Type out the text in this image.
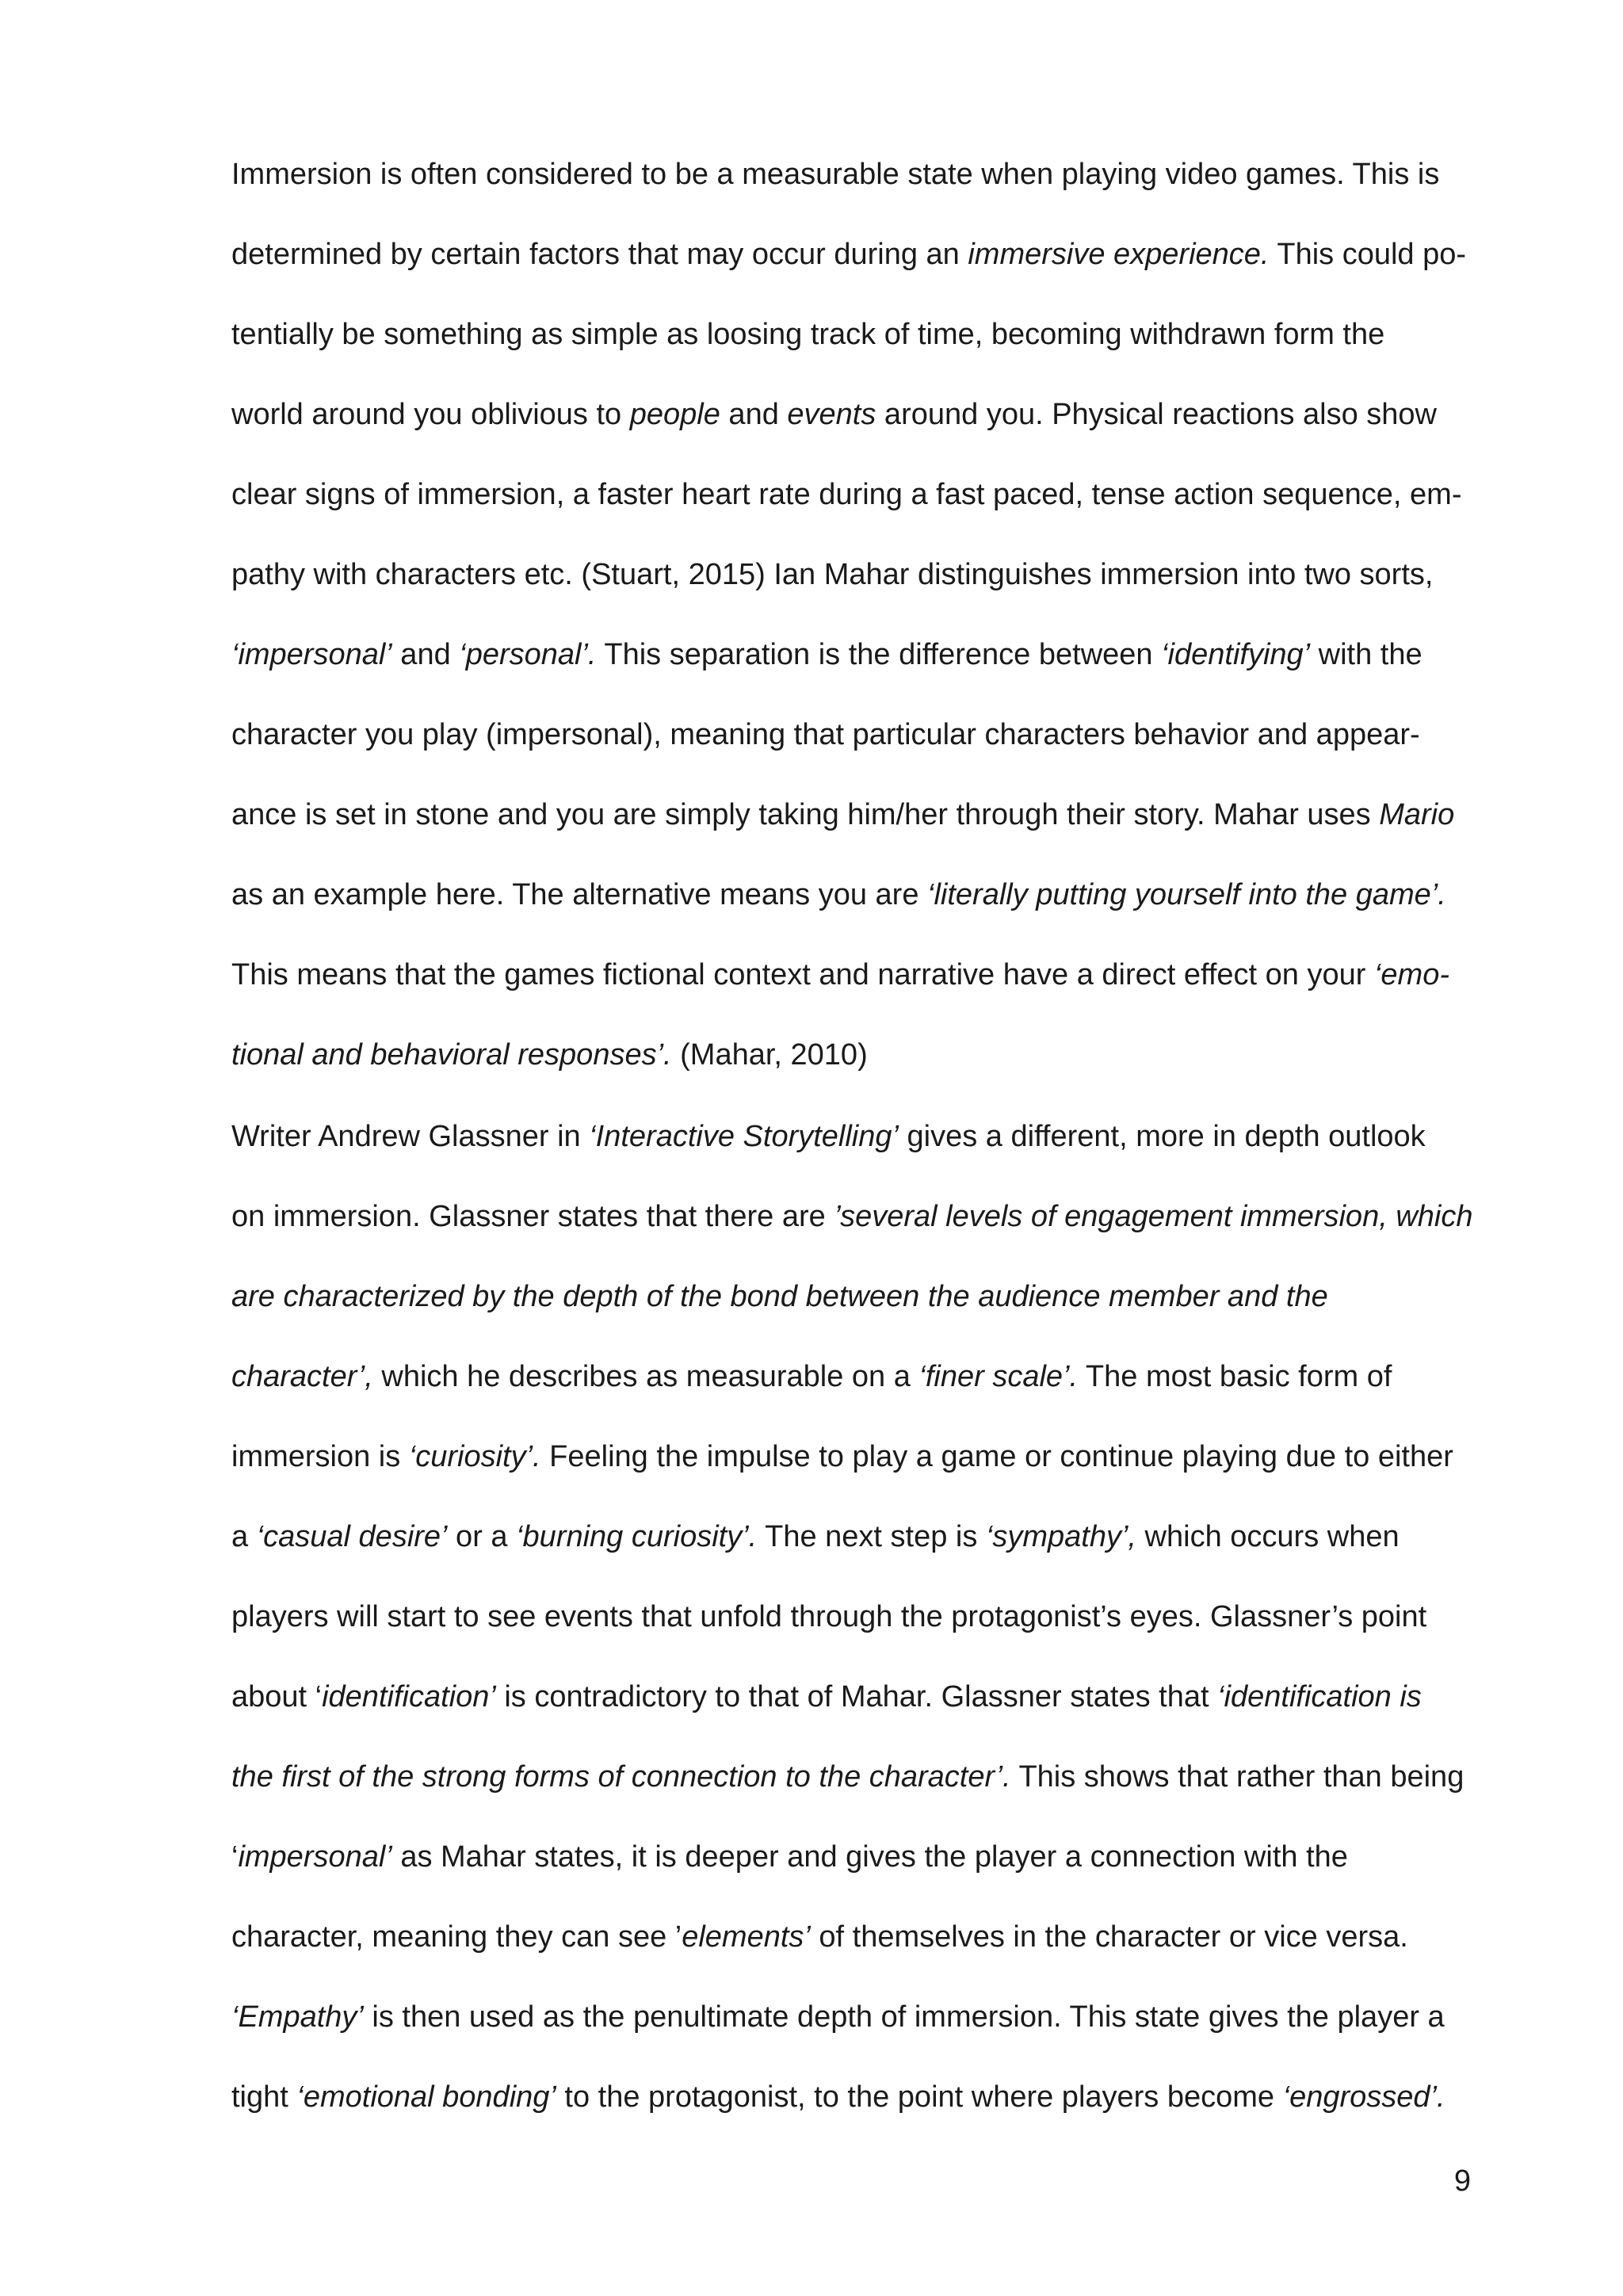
Immersion is often considered to be a measurable state when playing video games. This is
determined by certain factors that may occur during an immersive experience. This could po-
tentially be something as simple as loosing track of time, becoming withdrawn form the
world around you oblivious to people and events around you. Physical reactions also show
clear signs of immersion, a faster heart rate during a fast paced, tense action sequence, em-
pathy with characters etc. (Stuart, 2015) Ian Mahar distinguishes immersion into two sorts,
‘impersonal’ and ‘personal’. This separation is the difference between ‘identifying’ with the
character you play (impersonal), meaning that particular characters behavior and appear-
ance is set in stone and you are simply taking him/her through their story. Mahar uses Mario
as an example here. The alternative means you are ‘literally putting yourself into the game’.
This means that the games fictional context and narrative have a direct effect on your ‘emo-
tional and behavioral responses’. (Mahar, 2010)
Writer Andrew Glassner in ‘Interactive Storytelling’ gives a different, more in depth outlook
on immersion. Glassner states that there are ’several levels of engagement immersion, which
are characterized by the depth of the bond between the audience member and the
character’, which he describes as measurable on a ‘finer scale’. The most basic form of
immersion is ‘curiosity’. Feeling the impulse to play a game or continue playing due to either
a ‘casual desire’ or a ‘burning curiosity’. The next step is ‘sympathy’, which occurs when
players will start to see events that unfold through the protagonist’s eyes. Glassner’s point
about ‘identification’ is contradictory to that of Mahar. Glassner states that ‘identification is
the first of the strong forms of connection to the character’. This shows that rather than being
‘impersonal’ as Mahar states, it is deeper and gives the player a connection with the
character, meaning they can see ’elements’ of themselves in the character or vice versa.
‘Empathy’ is then used as the penultimate depth of immersion. This state gives the player a
tight ‘emotional bonding’ to the protagonist, to the point where players become ‘engrossed’.
9
